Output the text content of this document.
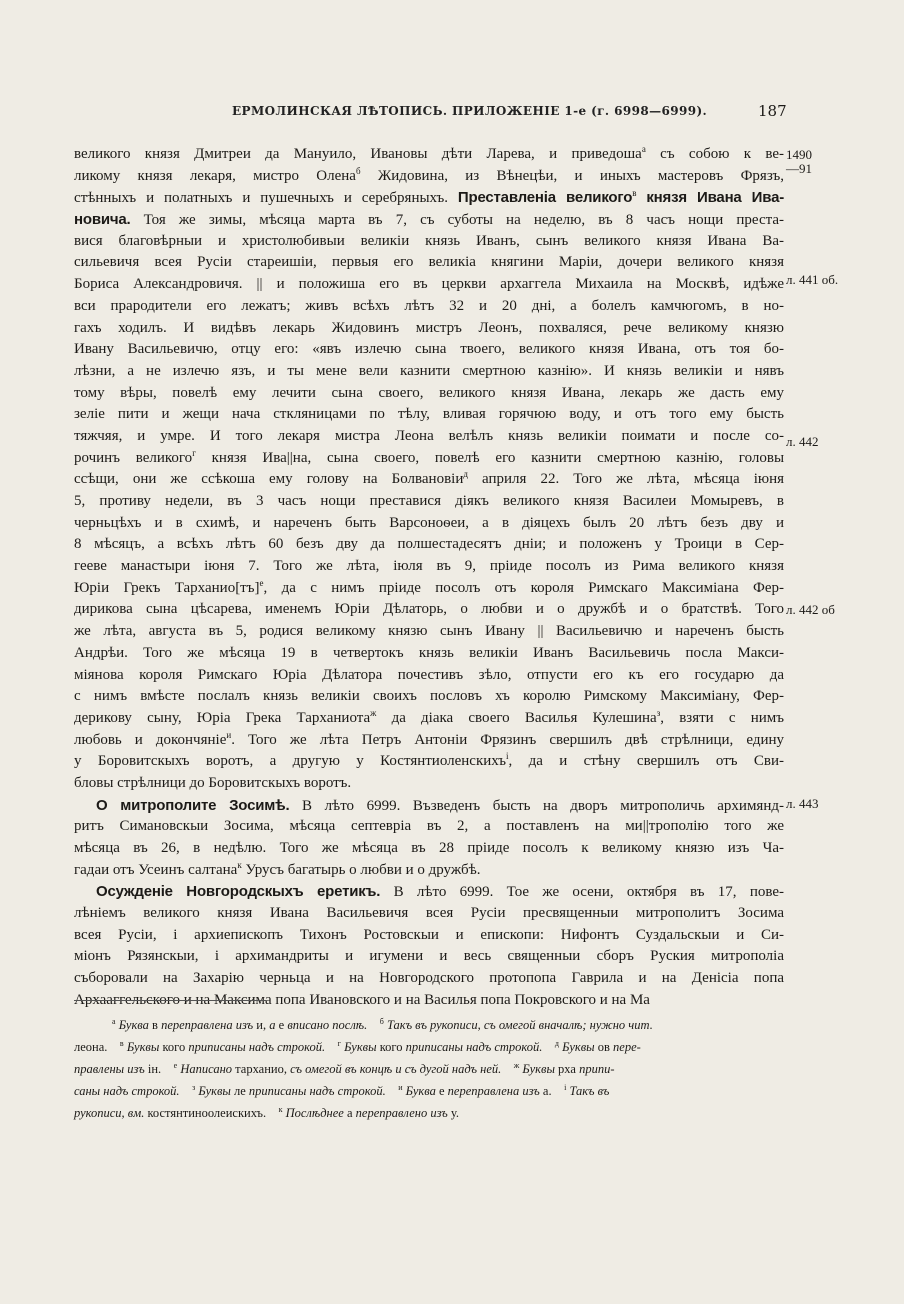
ЕРМОЛИНСКАЯ ЛѢТОПИСЬ. ПРИЛОЖЕНІЕ 1-е (г. 6998—6999).	187
великого князя Дмитреи да Мануило, Ивановы дѣти Ларева, и приведоша$^a$ съ собою к ве-
ликому князя лекаря, мистро Олена$^б$ Жидовина, из Вѣнецѣи, и иныхъ мастеровъ Фрязъ,
стѣнныхъ и полатныхъ и пушечныхъ и серебряныхъ. Преставленіа великого$^в$ князя Ивана Ива-
новича. Тоя же зимы, мѣсяца марта въ 7, съ суботы на неделю, въ 8 часъ нощи преста-
вися благовѣрныи и христолюбивыи великіи князь Иванъ, сынъ великого князя Ивана Ва-
сильевичя всея Русіи стареишіи, первыя его великіа княгини Маріи, дочери великого князя
Бориса Александровичя. || и положиша его въ церкви архаггела Михаила на Москвѣ, идѣже
вси прародители его лежатъ; живъ всѣхъ лѣтъ 32 и 20 дні, а болелъ камчюгомъ, в но-
гахъ ходилъ. И видѣвъ лекарь Жидовинъ мистръ Леонъ, похваляся, рече великому князю
Ивану Васильевичю, отцу его: «явъ излечю сына твоего, великого князя Ивана, отъ тоя бо-
лѣзни, а не излечю язъ, и ты мене вели казнити смертною казнію». И князь великіи и нявъ
тому вѣры, повелѣ ему лечити сына своего, великого князя Ивана, лекарь же дасть ему
зеліе пити и жещи нача сткляницами по тѣлу, вливая горячюю воду, и отъ того ему бысть
тяжчяя, и умре. И того лекаря мистра Леона велѣлъ князь великіи поимати и после со-
рочинъ великого$^г$ князя Ива||на, сына своего, повелѣ его казнити смертною казнію, головы
ссѣщи, они же ссѣкоша ему голову на Болвановіи$^д$ априля 22. Того же лѣта, мѣсяца іюня
5, противу недели, въ 3 часъ нощи преставися діякъ великого князя Василеи Момыревъ, в
черньцѣхъ и в схимѣ, и нареченъ быть Варсоноѳеи, а в діяцехъ былъ 20 лѣтъ безъ дву и
8 мѣсяцъ, а всѣхъ лѣтъ 60 безъ дву да полшестадесятъ дніи; и положенъ у Троици в Сер-
геeве манастыри іюня 7. Того же лѣта, іюля въ 9, пріиде посолъ из Рима великого князя
Юріи Грекъ Тарханио[тъ]$^е$, да с нимъ пріиде посолъ отъ короля Римскаго Максиміана Фер-
дирикова сына цѣсарева, именемъ Юріи Дѣлаторь, о любви и о дружбѣ и о братствѣ. Того
же лѣта, августа въ 5, родися великому князю сынъ Ивану || Васильевичю и нареченъ бысть
Андрѣи. Того же мѣсяца 19 в четвертокъ князь великіи Иванъ Васильевичь посла Макси-
міянова короля Римскаго Юріа Дѣлатора почестивъ зѣло, отпусти его къ его государю да
с нимъ вмѣсте послалъ князь великіи своихъ пословъ хъ королю Римскому Максиміану, Фер-
дерикову сыну, Юріа Грека Тарханиота$^ж$ да діака своего Василья Кулешина$^з$, взяти с нимъ
любовь и докончяніе$^и$. Того же лѣта Петръ Антоніи Фрязинъ свершилъ двѣ стрѣлници, едину
у Боровитскыхъ воротъ, а другую у Костянтиоленскихъ$^і$, да и стѣну свершилъ отъ Сви-
бловы стрѣлници до Боровитскыхъ воротъ.
О митрополите Зосимѣ. В лѣто 6999. Възведенъ бысть на дворъ митрополичь архимянд-
ритъ Симановскыи Зосима, мѣсяца септевріа въ 2, а поставленъ на ми||трополію того же
мѣсяца въ 26, в недѣлю. Того же мѣсяца въ 28 пріиде посолъ к великому князю изъ Ча-
гадаи отъ Усеинъ салтана$^к$ Урусъ багатырь о любви и о дружбѣ.
Осужденіе Новгородскыхъ еретикъ. В лѣто 6999. Тое же осени, октября въ 17, пове-
лѣніемъ великого князя Ивана Васильевичя всея Русіи пресвященныи митрополитъ Зосима
всея Русіи, і архиепископъ Тихонъ Ростовскыи и епископи: Нифонтъ Суздальскыи и Си-
міонъ Рязянскыи, і архимандриты и игумени и весь священныи сборъ Руския митрополіа
съборовали на Захарію черньца и на Новгородского протопопа Гаврила и на Денісіа попа
Архааггельского и на Максима попа Ивановского и на Василья попа Покровского и на Ма
1490
—91
л. 441 об.
л. 442
л. 442 об
л. 443
$^а$ Буква в переправлена изъ и, а е вписано послѣ. $^б$ Такъ въ рукописи, съ омегой вначалѣ; нужно чит.
леона. $^в$ Буквы кого приписаны надъ строкой. $^г$ Буквы кого приписаны надъ строкой. $^д$ Буквы ов пере-
правлены изъ iн. $^е$ Написано тарханио, съ омегой въ концѣ и съ дугой надъ ней. $^ж$ Буквы рха припи-
саны надъ строкой. $^з$ Буквы ле приписаны надъ строкой. $^и$ Буква е переправлена изъ а. $^і$ Такъ въ
рукописи, вм. костянтиноолеискихъ. $^к$ Послѣднее а переправлено изъ у.
